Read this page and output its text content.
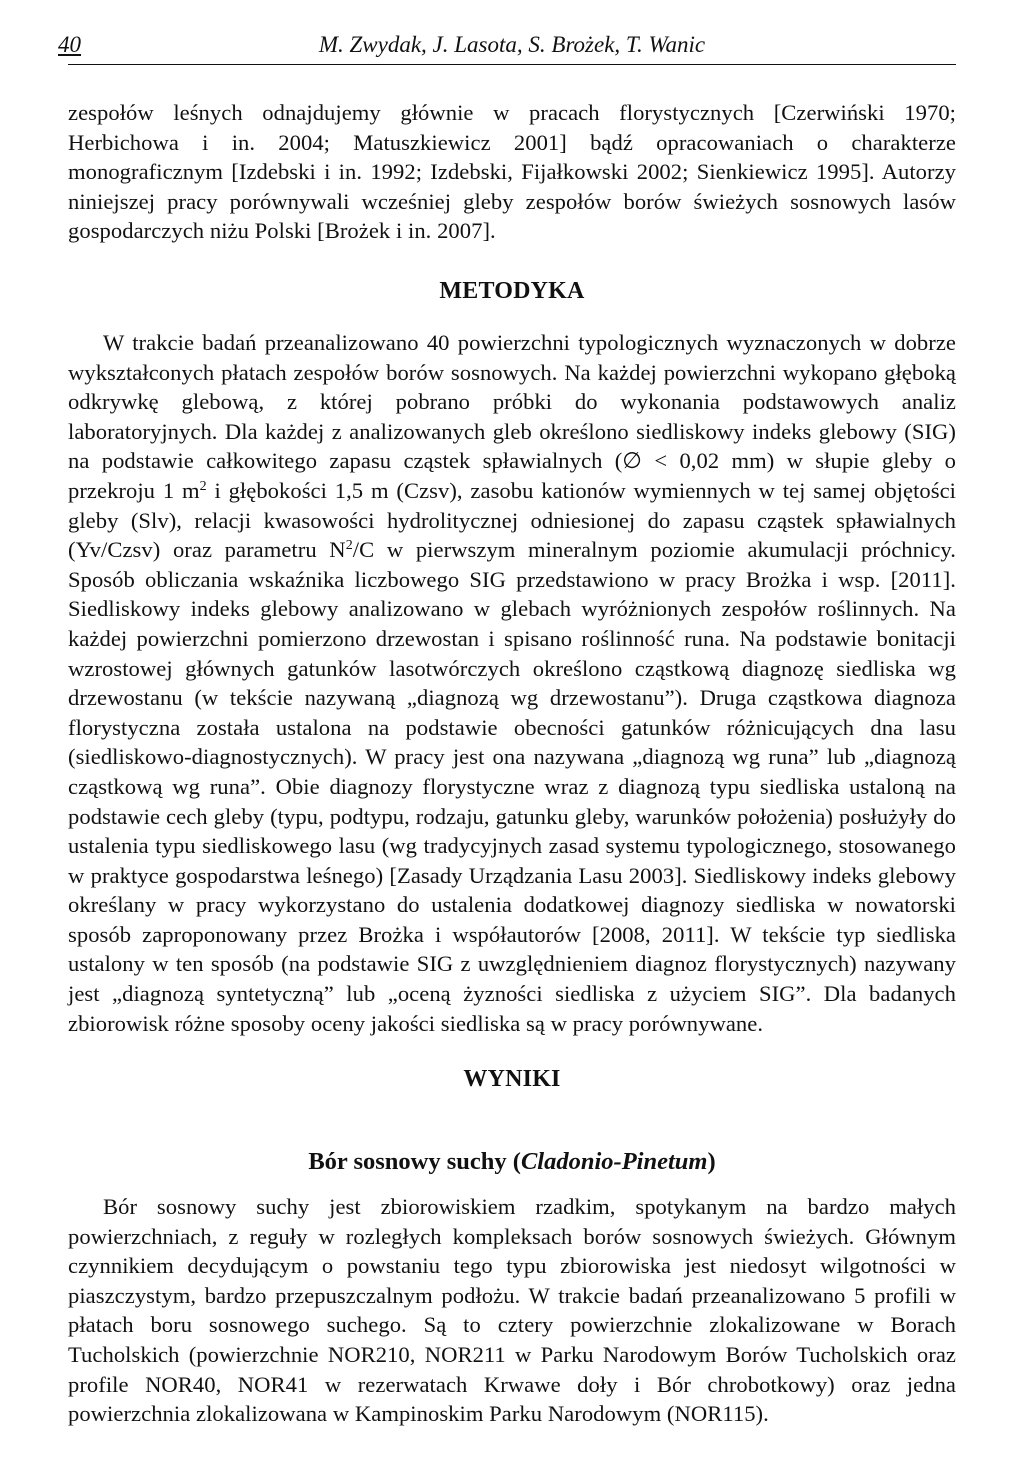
40	M. Zwydak, J. Lasota, S. Brożek, T. Wanic

zespołów leśnych odnajdujemy głównie w pracach florystycznych [Czerwiński 1970; Herbichowa i in. 2004; Matuszkiewicz 2001] bądź opracowaniach o charakterze monograficznym [Izdebski i in. 1992; Izdebski, Fijałkowski 2002; Sienkiewicz 1995]. Autorzy niniejszej pracy porównywali wcześniej gleby zespołów borów świeżych sosnowych lasów gospodarczych niżu Polski [Brożek i in. 2007].

METODYKA

W trakcie badań przeanalizowano 40 powierzchni typologicznych wyznaczonych w dobrze wykształconych płatach zespołów borów sosnowych. Na każdej powierzchni wykopano głęboką odkrywkę glebową, z której pobrano próbki do wykonania podstawowych analiz laboratoryjnych. Dla każdej z analizowanych gleb określono siedliskowy indeks glebowy (SIG) na podstawie całkowitego zapasu cząstek spławialnych (∅ < 0,02 mm) w słupie gleby o przekroju 1 $m^2$ i głębokości 1,5 m (Czsv), zasobu kationów wymiennych w tej samej objętości gleby (Slv), relacji kwasowości hydrolitycznej odniesionej do zapasu cząstek spławialnych (Yv/Czsv) oraz parametru $N^2/C$ w pierwszym mineralnym poziomie akumulacji próchnicy. Sposób obliczania wskaźnika liczbowego SIG przedstawiono w pracy Brożka i wsp. [2011]. Siedliskowy indeks glebowy analizowano w glebach wyróżnionych zespołów roślinnych. Na każdej powierzchni pomierzono drzewostan i spisano roślinność runa. Na podstawie bonitacji wzrostowej głównych gatunków lasotwórczych określono cząstkową diagnozę siedliska wg drzewostanu (w tekście nazywaną „diagnozą wg drzewostanu”). Druga cząstkowa diagnoza florystyczna została ustalona na podstawie obecności gatunków różnicujących dna lasu (siedliskowo-diagnostycznych). W pracy jest ona nazywana „diagnozą wg runa” lub „diagnozą cząstkową wg runa”. Obie diagnozy florystyczne wraz z diagnozą typu siedliska ustaloną na podstawie cech gleby (typu, podtypu, rodzaju, gatunku gleby, warunków położenia) posłużyły do ustalenia typu siedliskowego lasu (wg tradycyjnych zasad systemu typologicznego, stosowanego w praktyce gospodarstwa leśnego) [Zasady Urządzania Lasu 2003]. Siedliskowy indeks glebowy określany w pracy wykorzystano do ustalenia dodatkowej diagnozy siedliska w nowatorski sposób zaproponowany przez Brożka i współautorów [2008, 2011]. W tekście typ siedliska ustalony w ten sposób (na podstawie SIG z uwzględnieniem diagnoz florystycznych) nazywany jest „diagnozą syntetyczną” lub „oceną żyzności siedliska z użyciem SIG”. Dla badanych zbiorowisk różne sposoby oceny jakości siedliska są w pracy porównywane.

WYNIKI
Bór sosnowy suchy (Cladonio-Pinetum)

Bór sosnowy suchy jest zbiorowiskiem rzadkim, spotykanym na bardzo małych powierzchniach, z reguły w rozległych kompleksach borów sosnowych świeżych. Głównym czynnikiem decydującym o powstaniu tego typu zbiorowiska jest niedosyt wilgotności w piaszczystym, bardzo przepuszczalnym podłożu. W trakcie badań przeanalizowano 5 profili w płatach boru sosnowego suchego. Są to cztery powierzchnie zlokalizowane w Borach Tucholskich (powierzchnie NOR210, NOR211 w Parku Narodowym Borów Tucholskich oraz profile NOR40, NOR41 w rezerwatach Krwawe doły i Bór chrobotkowy) oraz jedna powierzchnia zlokalizowana w Kampinoskim Parku Narodowym (NOR115).
